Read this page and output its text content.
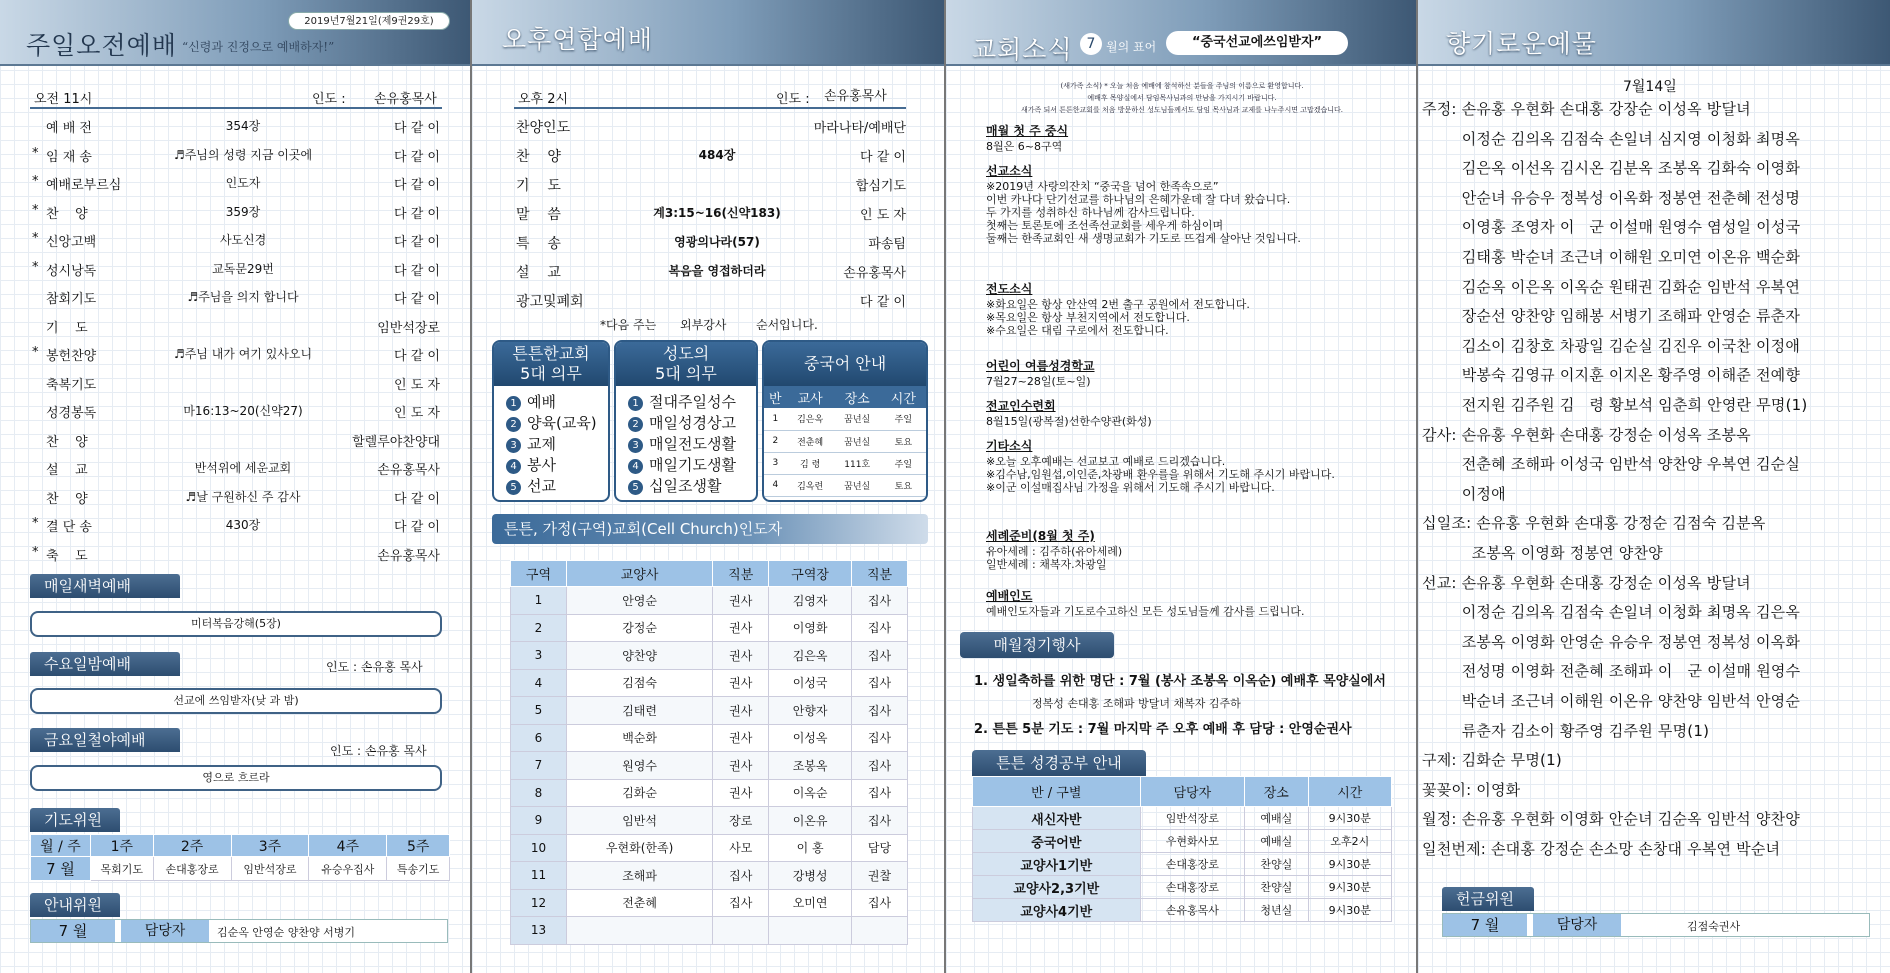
2019년7월21일(제9권29호)
주일오전예배 “신령과 진정으로 예배하자!”
오전 11시	인도 : 손유홍목사
예 배 전	354장	다 같 이
* 임 재 송	♬주님의 성령 지금 이곳에	다 같 이
* 예배로부르심	인도자	다 같 이
* 찬    양	359장	다 같 이
* 신앙고백	사도신경	다 같 이
* 성시낭독	교독문29번	다 같 이
참회기도	♬주님을 의지 합니다	다 같 이
기    도	임반석장로
* 봉헌찬양	♬주님 내가 여기 있사오니	다 같 이
축복기도	인 도 자
성경봉독	마16:13~20(신약27)	인 도 자
찬    양	할렐루야찬양대
설    교	반석위에 세운교회	손유홍목사
찬    양	♬날 구원하신 주 감사	다 같 이
* 결 단 송	430장	다 같 이
* 축    도	손유홍목사
매일새벽예배
미터복음강해(5장)
수요일밤예배	인도 : 손유홍 목사
선교에 쓰임받자(낮 과 밤)
금요일철야예배
인도 : 손유홍 목사
영으로 흐르라
기도위원
월 / 주	1주	2주	3주	4주	5주
7 월	목회기도	손대홍장로	임반석장로	유승우집사	특송기도
안내위원
7 월	담당자	김순옥 안영순 양찬양 서병기
오후연합예배
오후 2시	인도 : 손유홍목사
찬양인도	마라나타/예배단
찬    양	484장	다 같 이
기    도	합심기도
말    씀	계3:15~16(신약183)	인 도 자
특    송	영광의나라(57)	파송팀
설    교	복음을 영접하더라	손유홍목사
광고및폐회	다 같 이
*다음 주는 외부강사 순서입니다.
튼튼한교회
5대 의무
1 예배
2 양육(교육)
3 교제
4 봉사
5 선교
성도의
5대 의무
1 절대주일성수
2 매일성경상고
3 매일전도생활
4 매일기도생활
5 십일조생활
중국어 안내
반	교사	장소	시간
1	김은옥	꿈넌실	주일
2	전춘혜	꿈넌실	토요
3	김 령	111호	주일
4	김옥련	꿈넌실	토요
튼튼, 가정(구역)교회(Cell Church)인도자
구역	교양사	직분	구역장	직분
1	안영순	권사	김영자	집사
2	강정순	권사	이영화	집사
3	양찬양	권사	김은옥	집사
4	김점숙	권사	이성국	집사
5	김태련	권사	안향자	집사
6	백순화	권사	이성옥	집사
7	원영수	권사	조봉옥	집사
8	김화순	권사	이옥순	집사
9	임반석	장로	이온유	집사
10	우현화(한족)	사모	이 홍	담당
11	조해파	집사	강병성	권찰
12	전춘혜	집사	오미연	집사
13				
교회소식 7 월의 표어	“중국선교에쓰임받자”
(새가족 소식) * 오늘 처음 예배에 참석하신 분들을 주님의 이름으로 환영합니다.
예배후 목양실에서 담임목사님과의 만남을 가지시기 바랍니다.
새가족 되셔 튼튼한교회를 처음 방문하신 성도님들께서도 담임 목사님과 교제를 나누주시면 고맙겠습니다.
매월 첫 주 중식
8월은 6~8구역
선교소식
※2019년 사랑의잔치 “중국을 넘어 한족속으로”
이번 카나다 단기선교를 하나님의 은혜가운데 잘 다녀 왔습니다.
두 가지를 성취하신 하나님께 감사드립니다.
첫째는 토론토에 조선족선교회를 세우게 하심이며
둘째는 한족교회인 새 생명교회가 기도로 뜨겁게 살아난 것입니다.
전도소식
※화요일은 항상 안산역 2번 출구 공원에서 전도합니다.
※목요일은 항상 부천지역에서 전도합니다.
※수요일은 대림 구로에서 전도합니다.
어린이 여름성경학교
7월27~28일(토~일)
전교인수련회
8월15일(광복절)선한수양관(화성)
기타소식
※오늘 오후예배는 선교보고 예배로 드리겠습니다.
※김수남,임원섭,이인준,차광배 환우를을 위해서 기도해 주시기 바랍니다.
※이군 이설매집사님 가정을 위해서 기도해 주시기 바랍니다.
세례준비(8월 첫 주)
유아세례 : 김주하(유아세례)
일반세례 : 채복자.차광일
예배인도
예배인도자들과 기도로수고하신 모든 성도님들께 감사를 드립니다.
매월정기행사
1. 생일축하를 위한 명단 : 7월 (봉사 조봉옥 이옥순) 예배후 목양실에서
정복성 손대홍 조해파 방달녀 채복자 김주하
2. 튼튼 5분 기도 : 7월 마지막 주 오후 예배 후 담당 : 안영순권사
튼튼 성경공부 안내
반 / 구별	담당자	장소	시간
새신자반	임반석장로	예배실	9시30분
중국어반	우현화사모	예배실	오후2시
교양사1기반	손대홍장로	찬양실	9시30분
교양사2,3기반	손대홍장로	찬양실	9시30분
교양사4기반	손유홍목사	청년실	9시30분
향기로운예물
7월14일
주정: 손유홍 우현화 손대홍 강장순 이성옥 방달녀
이정순 김의옥 김점숙 손일녀 심지영 이청화 최명옥
김은옥 이선옥 김시온 김분옥 조봉옥 김화숙 이영화
안순녀 유승우 정복성 이옥화 정봉연 전춘혜 전성명
이영홍 조영자 이   군 이설매 원영수 염성일 이성국
김태홍 박순녀 조근녀 이해원 오미연 이온유 백순화
김순옥 이은옥 이옥순 원태권 김화순 임반석 우복연
장순선 양찬양 임해봉 서병기 조해파 안영순 류춘자
김소이 김창호 차광일 김순실 김진우 이국찬 이정애
박봉숙 김영규 이지훈 이지온 황주영 이해준 전예향
전지원 김주원 김   령 황보석 임춘희 안영란 무명(1)
감사: 손유홍 우현화 손대홍 강정순 이성옥 조봉옥
전춘혜 조해파 이성국 임반석 양찬양 우복연 김순실
이정애
십일조: 손유홍 우현화 손대홍 강정순 김점숙 김분옥
조봉옥 이영화 정봉연 양찬양
선교: 손유홍 우현화 손대홍 강정순 이성옥 방달녀
이정순 김의옥 김점숙 손일녀 이청화 최명옥 김은옥
조봉옥 이영화 안영순 유승우 정봉연 정복성 이옥화
전성명 이영화 전춘혜 조해파 이   군 이설매 원영수
박순녀 조근녀 이해원 이온유 양찬양 임반석 안영순
류춘자 김소이 황주영 김주원 무명(1)
구제: 김화순 무명(1)
꽃꽂이: 이영화
월정: 손유홍 우현화 이영화 안순녀 김순옥 임반석 양찬양
일천번제: 손대홍 강정순 손소망 손창대 우복연 박순녀
헌금위원
7 월	담당자	김점숙권사
